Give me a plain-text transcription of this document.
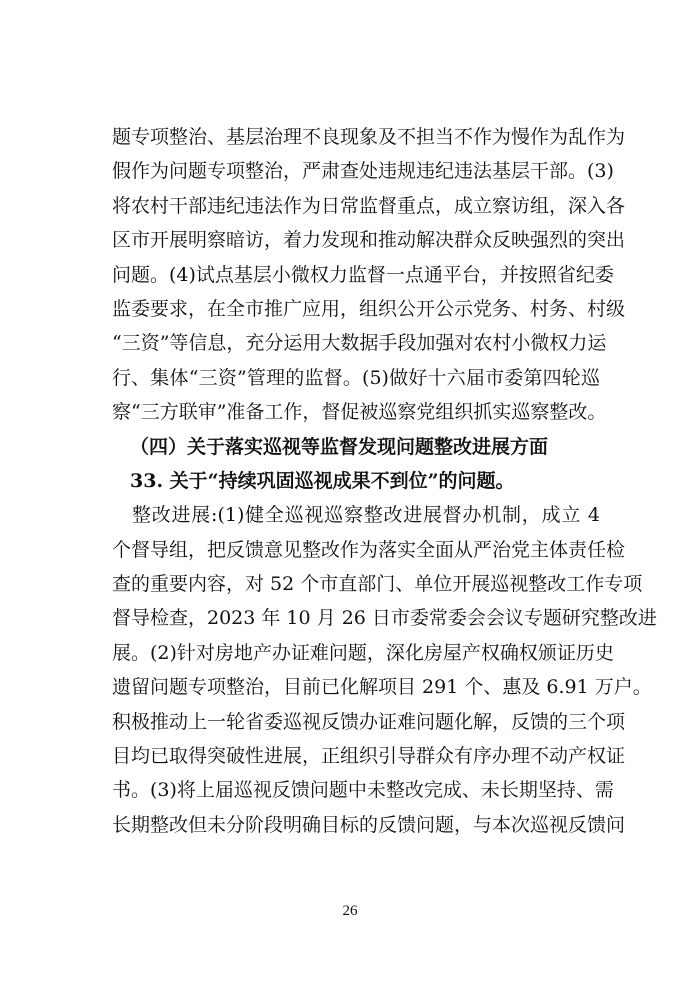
题专项整治、基层治理不良现象及不担当不作为慢作为乱作为
假作为问题专项整治，严肃查处违规违纪违法基层干部。(3)
将农村干部违纪违法作为日常监督重点，成立察访组，深入各
区市开展明察暗访，着力发现和推动解决群众反映强烈的突出
问题。(4)试点基层小微权力监督一点通平台，并按照省纪委
监委要求，在全市推广应用，组织公开公示党务、村务、村级
“三资”等信息，充分运用大数据手段加强对农村小微权力运
行、集体“三资”管理的监督。(5)做好十六届市委第四轮巡
察“三方联审”准备工作，督促被巡察党组织抓实巡察整改。
（四）关于落实巡视等监督发现问题整改进展方面
33. 关于“持续巩固巡视成果不到位”的问题。
整改进展:(1)健全巡视巡察整改进展督办机制，成立 4
个督导组，把反馈意见整改作为落实全面从严治党主体责任检
查的重要内容，对 52 个市直部门、单位开展巡视整改工作专项
督导检查，2023 年 10 月 26 日市委常委会会议专题研究整改进
展。(2)针对房地产办证难问题，深化房屋产权确权颁证历史
遗留问题专项整治，目前已化解项目 291 个、惠及 6.91 万户。
积极推动上一轮省委巡视反馈办证难问题化解，反馈的三个项
目均已取得突破性进展，正组织引导群众有序办理不动产权证
书。(3)将上届巡视反馈问题中未整改完成、未长期坚持、需
长期整改但未分阶段明确目标的反馈问题，与本次巡视反馈问
26
